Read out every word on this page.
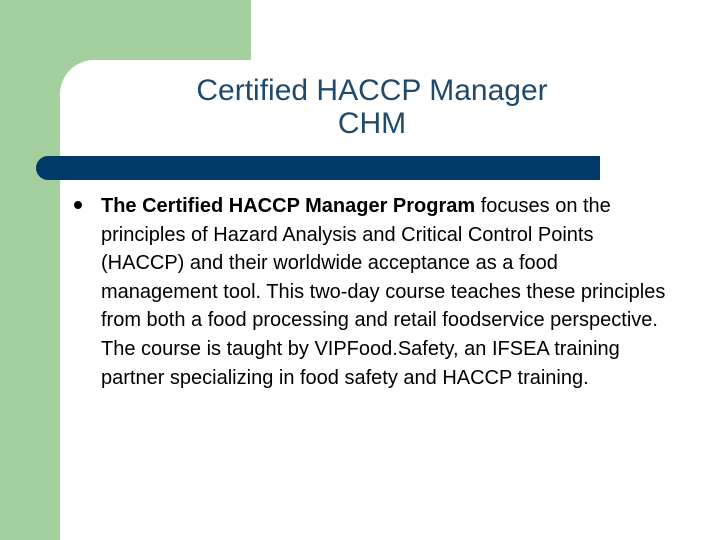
Certified HACCP Manager
CHM
The Certified HACCP Manager Program focuses on the principles of Hazard Analysis and Critical Control Points (HACCP) and their worldwide acceptance as a food management tool. This two-day course teaches these principles from both a food processing and retail foodservice perspective. The course is taught by VIPFood.Safety, an IFSEA training partner specializing in food safety and HACCP training.
